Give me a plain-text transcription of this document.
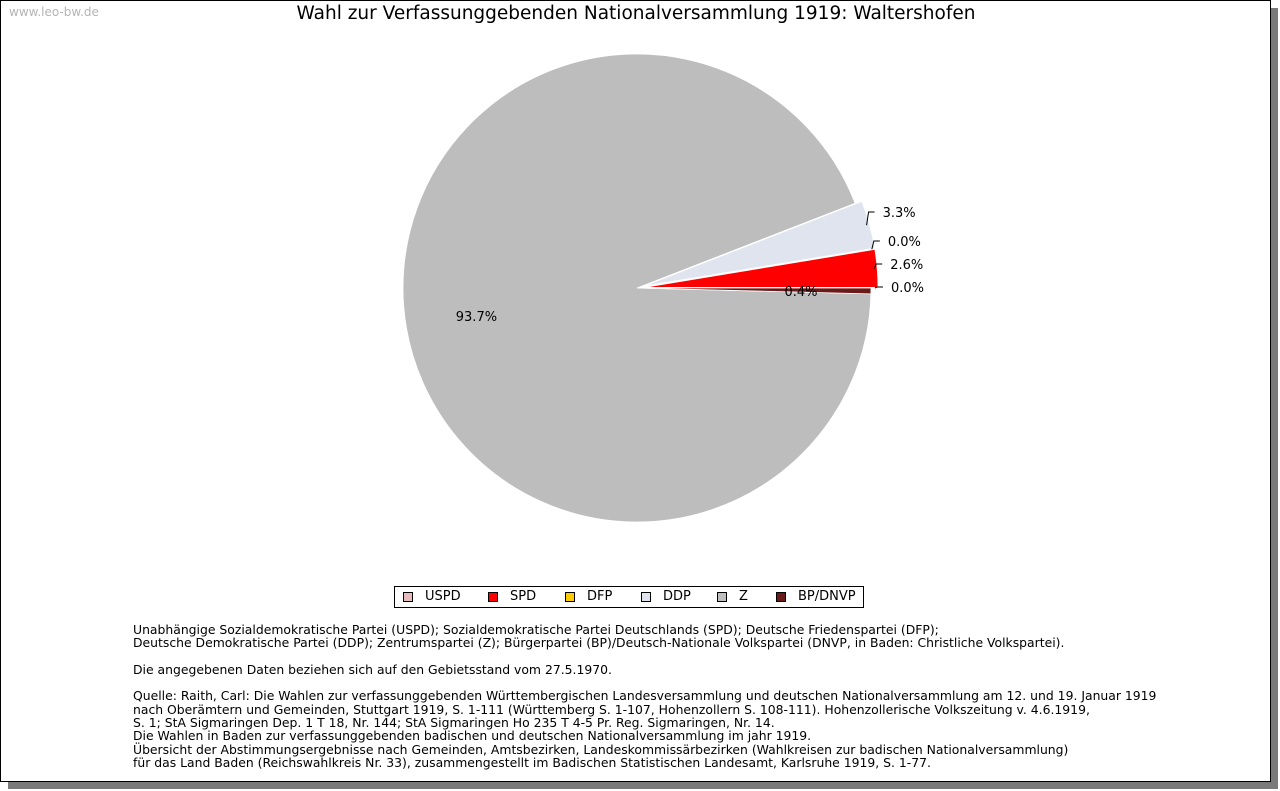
www.leo-bw.de	Wahl zur Verfassunggebenden Nationalversammlung 1919: Waltershofen
0.0%
2.6%
0.0%
3.3%
93.7%
0.4%
USPD	SPD	DFP	DDP	Z	BP/DNVP
Unabhängige Sozialdemokratische Partei (USPD); Sozialdemokratische Partei Deutschlands (SPD); Deutsche Friedenspartei (DFP);
Deutsche Demokratische Partei (DDP); Zentrumspartei (Z); Bürgerpartei (BP)/Deutsch-Nationale Volkspartei (DNVP, in Baden: Christliche Volkspartei).
Die angegebenen Daten beziehen sich auf den Gebietsstand vom 27.5.1970.
Quelle: Raith, Carl: Die Wahlen zur verfassunggebenden Württembergischen Landesversammlung und deutschen Nationalversammlung am 12. und 19. Januar 1919
nach Oberämtern und Gemeinden, Stuttgart 1919, S. 1-111 (Württemberg S. 1-107, Hohenzollern S. 108-111). Hohenzollerische Volkszeitung v. 4.6.1919,
S. 1; StA Sigmaringen Dep. 1 T 18, Nr. 144; StA Sigmaringen Ho 235 T 4-5 Pr. Reg. Sigmaringen, Nr. 14.
Die Wahlen in Baden zur verfassunggebenden badischen und deutschen Nationalversammlung im jahr 1919.
Übersicht der Abstimmungsergebnisse nach Gemeinden, Amtsbezirken, Landeskommissärbezirken (Wahlkreisen zur badischen Nationalversammlung)
für das Land Baden (Reichswahlkreis Nr. 33), zusammengestellt im Badischen Statistischen Landesamt, Karlsruhe 1919, S. 1-77.
